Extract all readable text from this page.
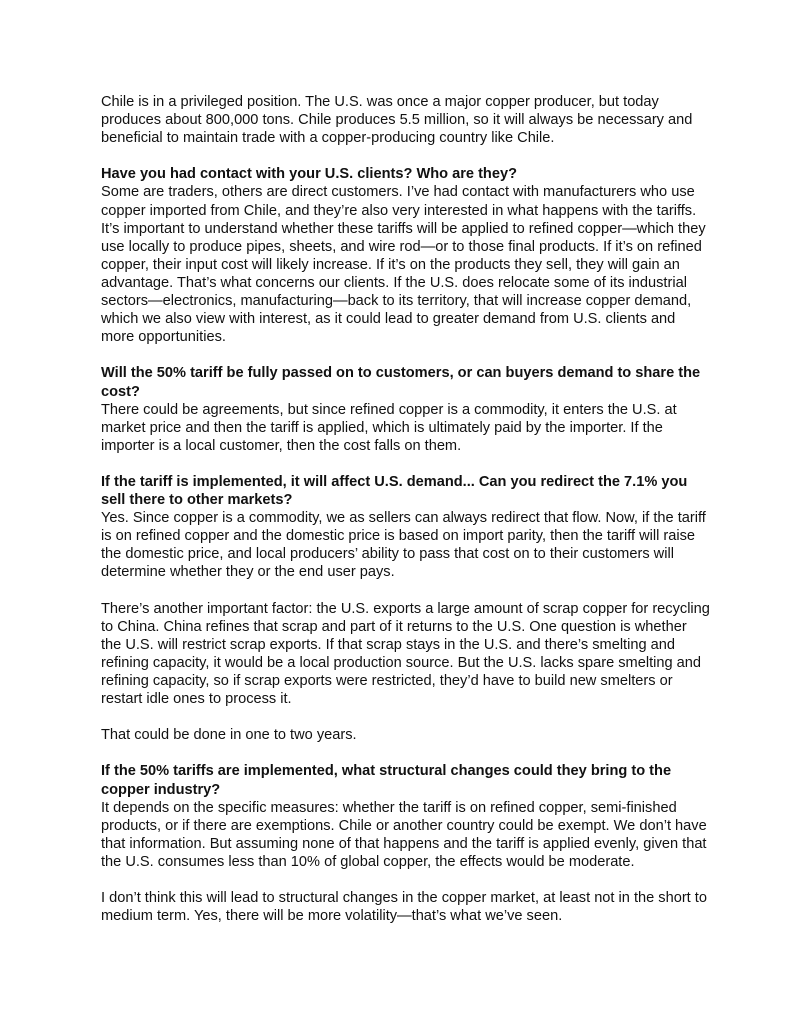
Chile is in a privileged position. The U.S. was once a major copper producer, but today produces about 800,000 tons. Chile produces 5.5 million, so it will always be necessary and beneficial to maintain trade with a copper-producing country like Chile.

Have you had contact with your U.S. clients? Who are they?

Some are traders, others are direct customers. I’ve had contact with manufacturers who use copper imported from Chile, and they’re also very interested in what happens with the tariffs. It’s important to understand whether these tariffs will be applied to refined copper—which they use locally to produce pipes, sheets, and wire rod—or to those final products. If it’s on refined copper, their input cost will likely increase. If it’s on the products they sell, they will gain an advantage. That’s what concerns our clients. If the U.S. does relocate some of its industrial sectors—electronics, manufacturing—back to its territory, that will increase copper demand, which we also view with interest, as it could lead to greater demand from U.S. clients and more opportunities.

Will the 50% tariff be fully passed on to customers, or can buyers demand to share the cost?

There could be agreements, but since refined copper is a commodity, it enters the U.S. at market price and then the tariff is applied, which is ultimately paid by the importer. If the importer is a local customer, then the cost falls on them.

If the tariff is implemented, it will affect U.S. demand... Can you redirect the 7.1% you sell there to other markets?

Yes. Since copper is a commodity, we as sellers can always redirect that flow. Now, if the tariff is on refined copper and the domestic price is based on import parity, then the tariff will raise the domestic price, and local producers’ ability to pass that cost on to their customers will determine whether they or the end user pays.

There’s another important factor: the U.S. exports a large amount of scrap copper for recycling to China. China refines that scrap and part of it returns to the U.S. One question is whether the U.S. will restrict scrap exports. If that scrap stays in the U.S. and there’s smelting and refining capacity, it would be a local production source. But the U.S. lacks spare smelting and refining capacity, so if scrap exports were restricted, they’d have to build new smelters or restart idle ones to process it.

That could be done in one to two years.

If the 50% tariffs are implemented, what structural changes could they bring to the copper industry?

It depends on the specific measures: whether the tariff is on refined copper, semi-finished products, or if there are exemptions. Chile or another country could be exempt. We don’t have that information. But assuming none of that happens and the tariff is applied evenly, given that the U.S. consumes less than 10% of global copper, the effects would be moderate.

I don’t think this will lead to structural changes in the copper market, at least not in the short to medium term. Yes, there will be more volatility—that’s what we’ve seen.
